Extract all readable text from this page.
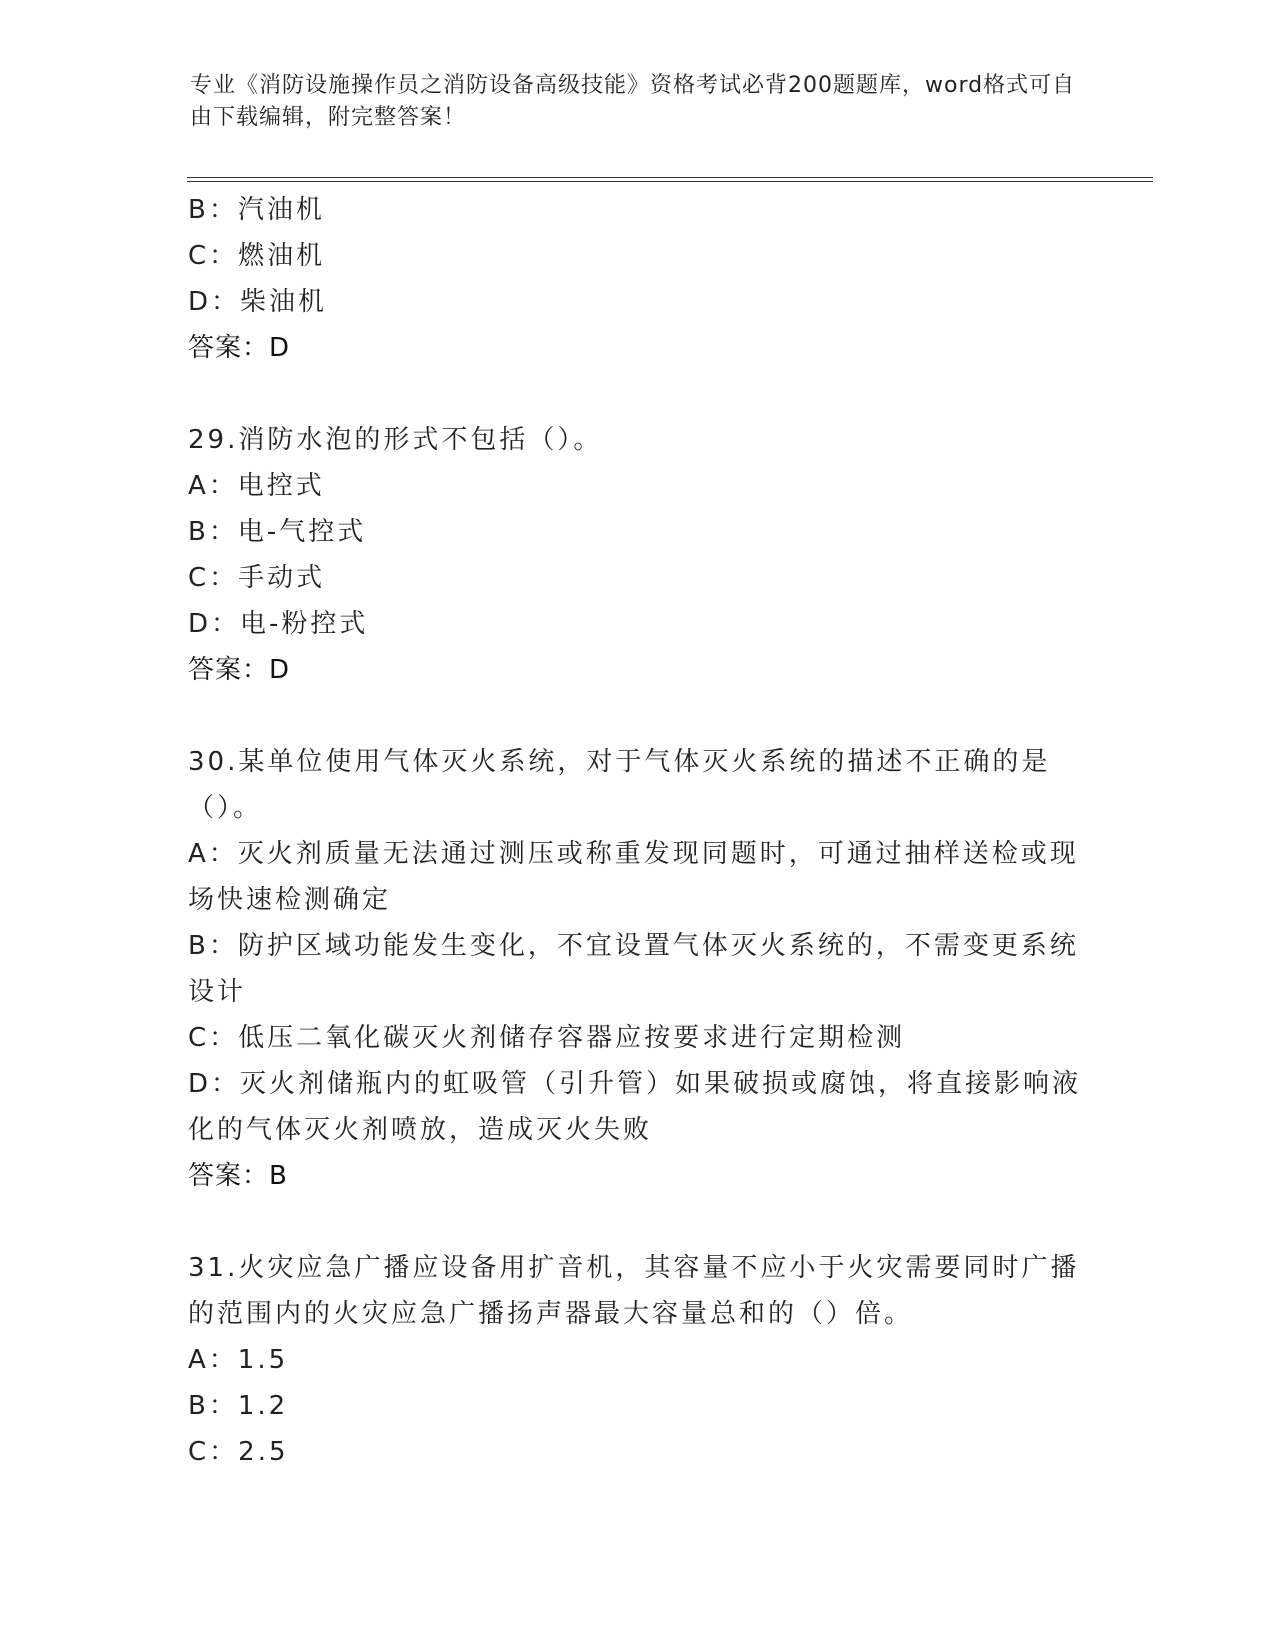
专业《消防设施操作员之消防设备高级技能》资格考试必背200题题库，word格式可自由下载编辑，附完整答案！
B：汽油机
C：燃油机
D：柴油机
答案：D
29.消防水泡的形式不包括（）。
A：电控式
B：电-气控式
C：手动式
D：电-粉控式
答案：D
30.某单位使用气体灭火系统，对于气体灭火系统的描述不正确的是（）。
A：灭火剂质量无法通过测压或称重发现同题时，可通过抽样送检或现场快速检测确定
B：防护区域功能发生变化，不宜设置气体灭火系统的，不需变更系统设计
C：低压二氧化碳灭火剂储存容器应按要求进行定期检测
D：灭火剂储瓶内的虹吸管（引升管）如果破损或腐蚀，将直接影响液化的气体灭火剂喷放，造成灭火失败
答案：B
31.火灾应急广播应设备用扩音机，其容量不应小于火灾需要同时广播的范围内的火灾应急广播扬声器最大容量总和的（）倍。
A：1.5
B：1.2
C：2.5
